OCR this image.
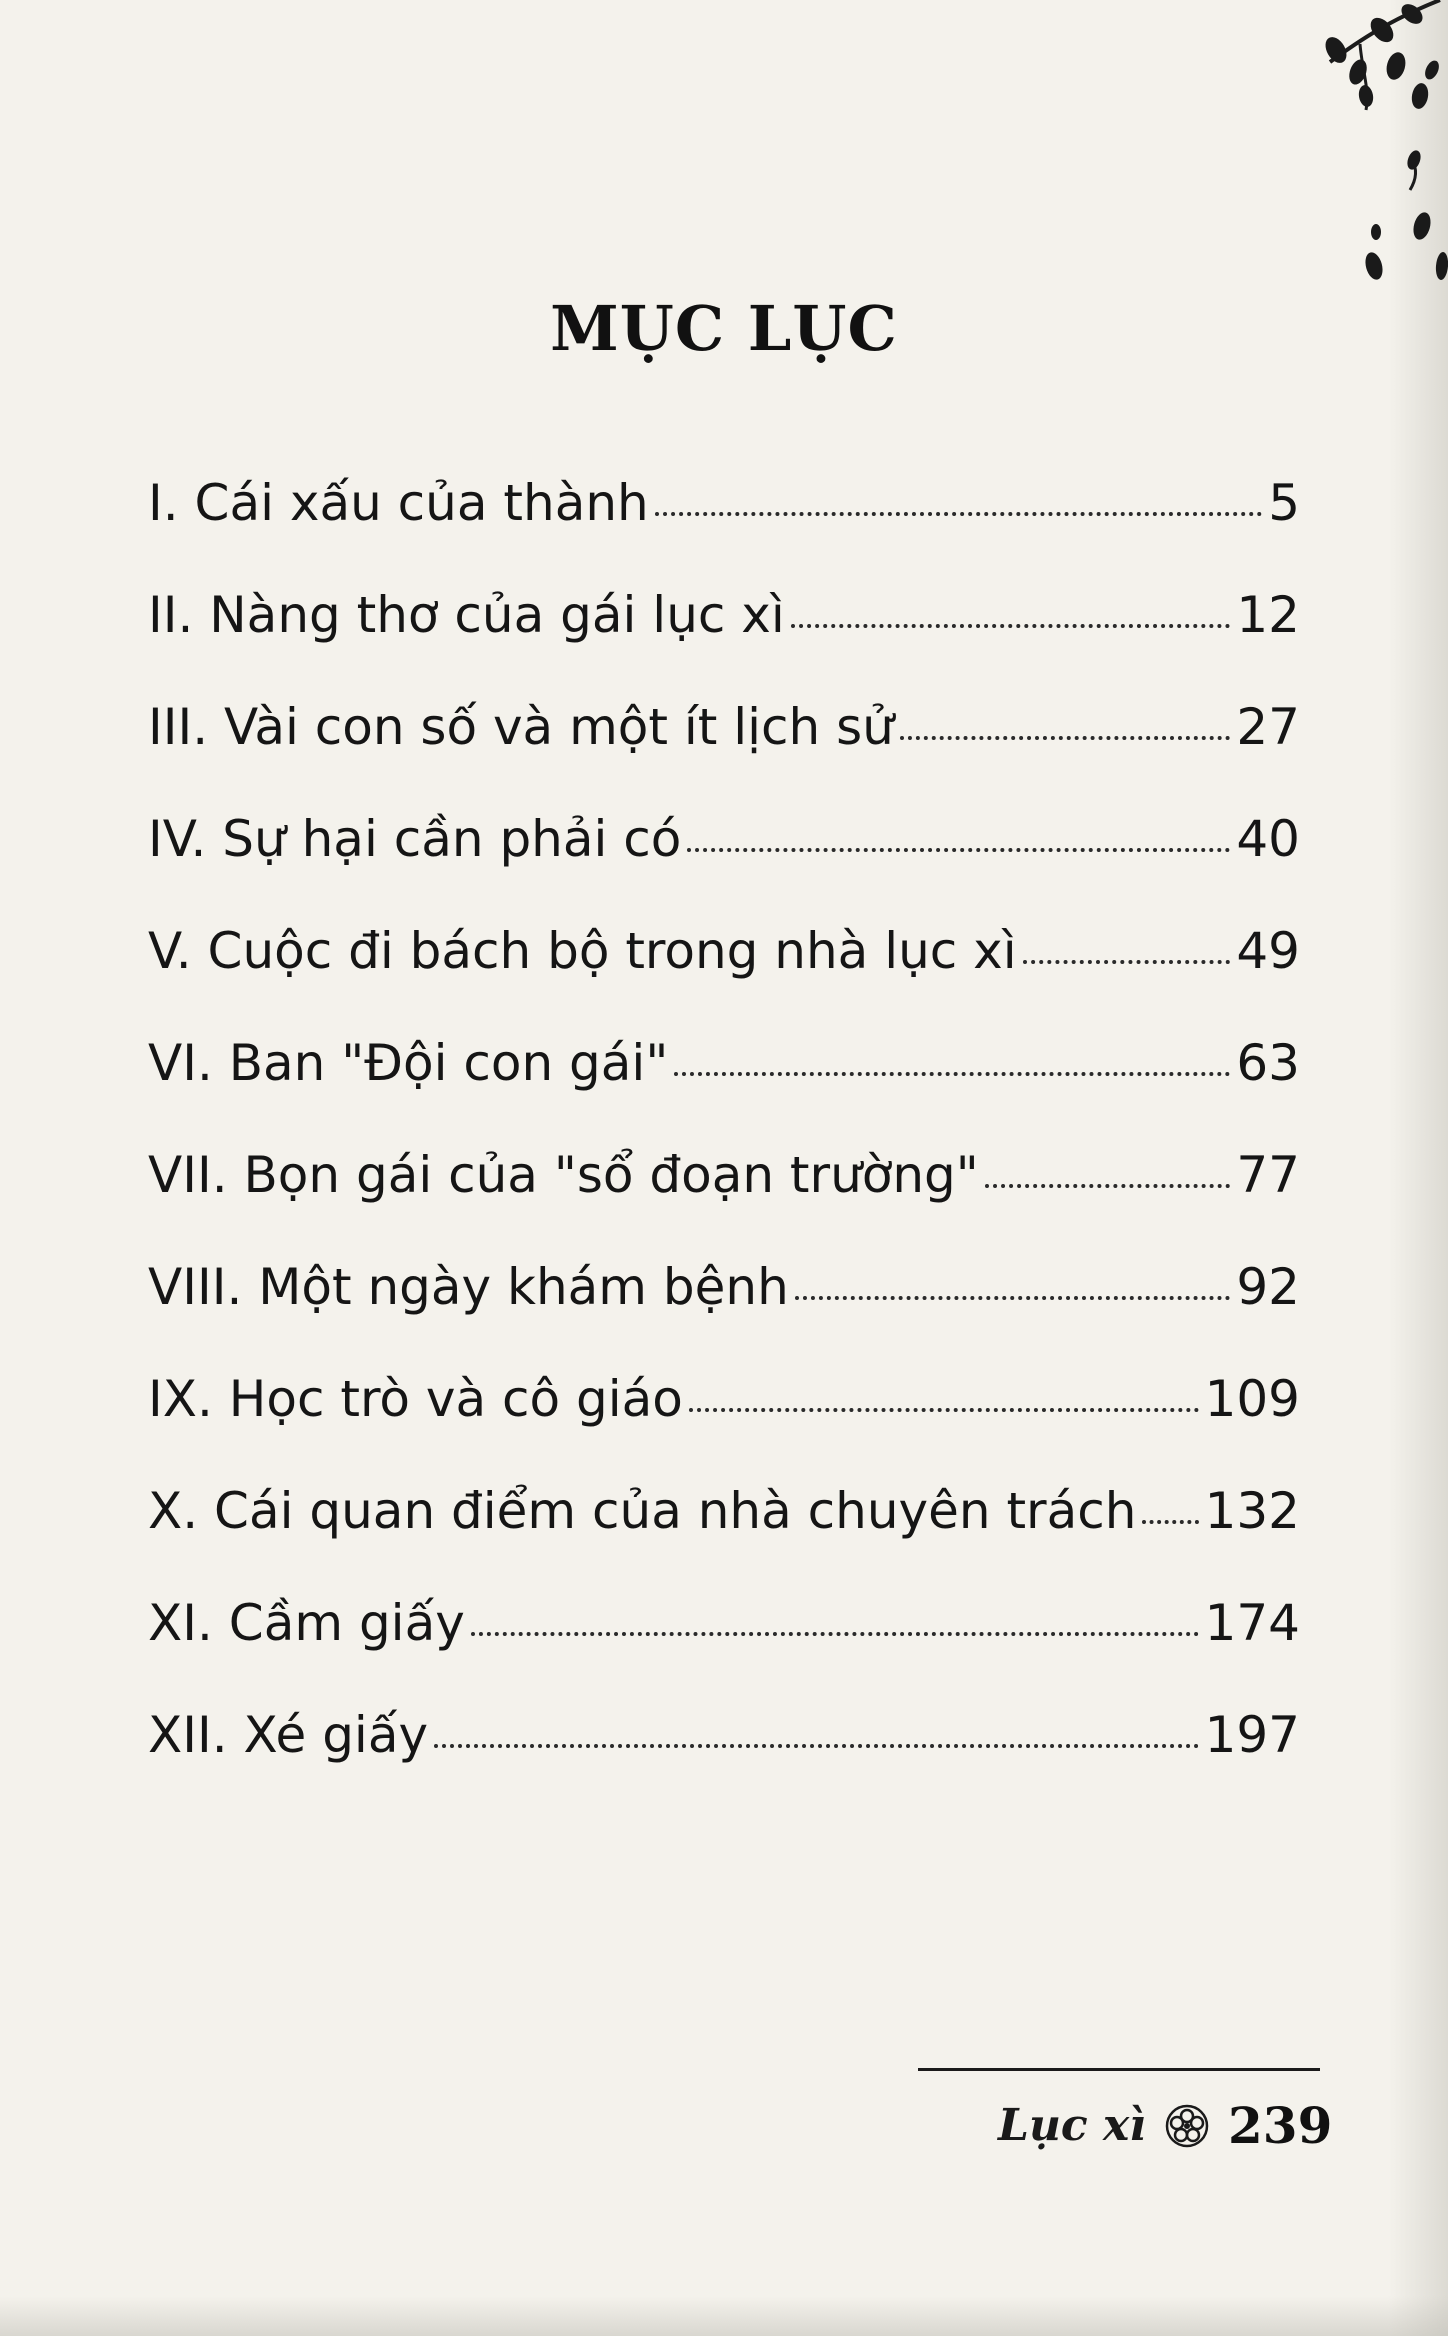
MỤC LỤC
I. Cái xấu của thành	5
II. Nàng thơ của gái lục xì	12
III. Vài con số và một ít lịch sử	27
IV. Sự hại cần phải có	40
V. Cuộc đi bách bộ trong nhà lục xì	49
VI. Ban "Đội con gái"	63
VII. Bọn gái của "sổ đoạn trường"	77
VIII. Một ngày khám bệnh	92
IX. Học trò và cô giáo	109
X. Cái quan điểm của nhà chuyên trách 132
XI. Cầm giấy	174
XII. Xé giấy	197
Lục xì 239
